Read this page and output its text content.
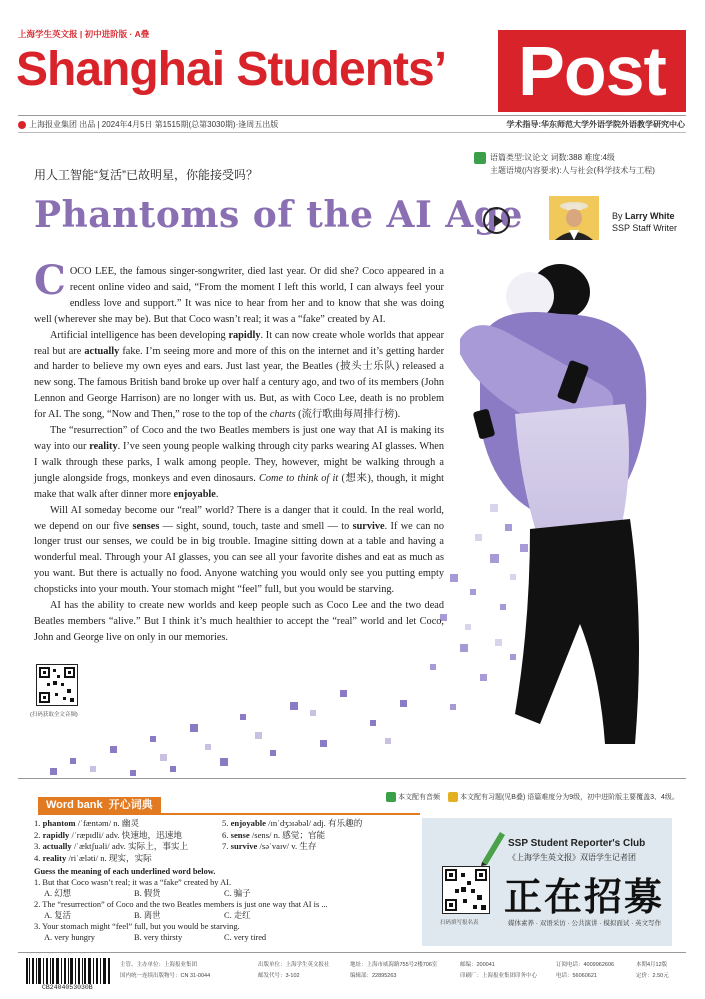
上海学生英文报 | 初中进阶版 · A叠
Shanghai Students’ Post
上海报业集团 出品 | 2024年4月5日 第1515期(总第3030期)·逢周五出版	学术指导:华东师范大学外语学院外语教学研究中心
用人工智能“复活”已故明星，你能接受吗？
语篇类型:议论文 词数:388 难度:4级
主题语境(内容要求):人与社会(科学技术与工程)
Phantoms of the AI Age	By Larry White
SSP Staff Writer

COCO LEE, the famous singer-songwriter, died last year. Or did she? Coco appeared in a recent online video and said, “From the moment I left this world, I can always feel your endless love and support.” It was nice to hear from her and to know that she was doing well (wherever she may be). But that Coco wasn’t real; it was a “fake” created by AI.

Artificial intelligence has been developing rapidly. It can now create whole worlds that appear real but are actually fake. I’m seeing more and more of this on the internet and it’s getting harder and harder to believe my own eyes and ears. Just last year, the Beatles (披头士乐队) released a new song. The famous British band broke up over half a century ago, and two of its members (John Lennon and George Harrison) are no longer with us. But, as with Coco Lee, death is no problem for AI. The song, “Now and Then,” rose to the top of the charts (流行歌曲每周排行榜).

The “resurrection” of Coco and the two Beatles members is just one way that AI is making its way into our reality. I’ve seen young people walking through city parks wearing AI glasses. When I walk through these parks, I walk among people. They, however, might be walking through a jungle alongside frogs, monkeys and even dinosaurs. Come to think of it (想来), though, it might make that walk after dinner more enjoyable.

Will AI someday become our “real” world? There is a danger that it could. In the real world, we depend on our five senses — sight, sound, touch, taste and smell — to survive. If we can no longer trust our senses, we could be in big trouble. Imagine sitting down at a table and having a wonderful meal. Through your AI glasses, you can see all your favorite dishes and eat as much as you want. But there is actually no food. Anyone watching you would only see you putting empty chopsticks into your mouth. Your stomach might “feel” full, but you would be starving.

AI has the ability to create new worlds and keep people such as Coco Lee and the two dead Beatles members “alive.” But I think it’s much healthier to accept the “real” world and let Coco, John and George live on only in our memories.

(扫码获取全文音频)
Word bank 开心词典
本文配有音频	本文配有习题(见B叠) 语篇难度分为9级，初中进阶版主要覆盖3、4级。
1. phantom /ˈfæntəm/ n. 幽灵
2. rapidly /ˈræpɪdli/ adv. 快速地，迅速地
3. actually /ˈæktʃuəli/ adv. 实际上，事实上
4. reality /riˈæləti/ n. 现实，实际
5. enjoyable /ɪnˈdʒɔɪəbəl/ adj. 有乐趣的
6. sense /sens/ n. 感觉；官能
7. survive /səˈvaɪv/ v. 生存
Guess the meaning of each underlined word below.
1. But that Coco wasn’t real; it was a “fake” created by AI.
A. 幻想	B. 假货	C. 骗子
2. The “resurrection” of Coco and the two Beatles members is just one way that AI is ...
A. 复活	B. 离世	C. 走红
3. Your stomach might “feel” full, but you would be starving.
A. very hungry	B. very thirsty	C. very tired
SSP Student Reporter's Club
《上海学生英文报》双语学生记者团
正在招募
媒体素养 · 双语采访 · 公共演讲 · 模拟面试 · 英文写作
扫码填写报名表
CB2404053030B
主管、主办单位：上海报业集团
国内统一连续出版物号：CN 31-0044
出版单位：上海学生英文报社
邮发代号：3-102
地址：上海市威海路755号2楼706室
编辑部：22895263
邮编：200041
印刷厂：上海报业集团印务中心
订阅电话：4009962606
电话：56060621
本期4月12版
定价：2.50元
